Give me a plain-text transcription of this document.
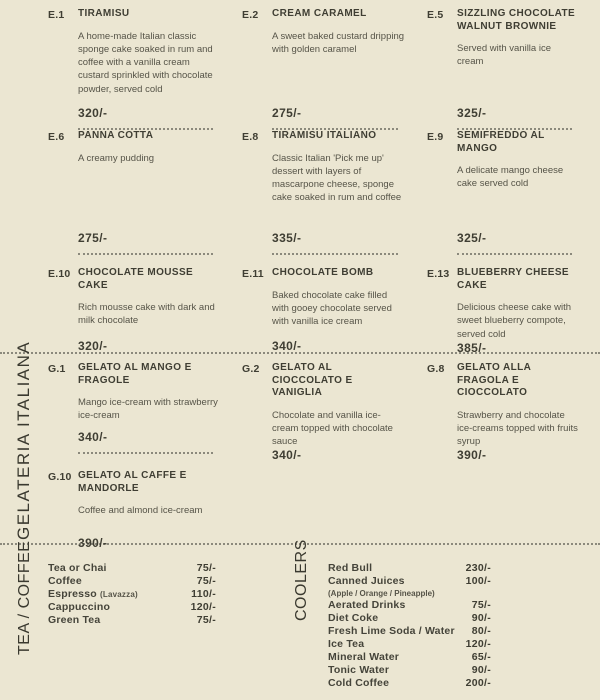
E.1	TIRAMISU
A home-made Italian classic sponge cake soaked in rum and coffee with a vanilla cream custard sprinkled with chocolate powder, served cold
320/-
E.2	CREAM CARAMEL
A sweet baked custard dripping with golden caramel
275/-
E.5	SIZZLING CHOCOLATE WALNUT BROWNIE
Served with vanilla ice cream
325/-
E.6	PANNA COTTA
A creamy pudding
275/-
E.8	TIRAMISU ITALIANO
Classic Italian 'Pick me up' dessert with layers of mascarpone cheese, sponge cake soaked in rum and coffee
335/-
E.9	SEMIFREDDO AL MANGO
A delicate mango cheese cake served cold
325/-
E.10 CHOCOLATE MOUSSE CAKE
Rich mousse cake with dark and milk chocolate
320/-
E.11 CHOCOLATE BOMB
Baked chocolate cake filled with gooey chocolate served with vanilla ice cream
340/-
E.13 BLUEBERRY CHEESE CAKE
Delicious cheese cake with sweet blueberry compote, served cold
385/-
G.1	GELATO AL MANGO E FRAGOLE
Mango ice-cream with strawberry ice-cream
340/-
G.2	GELATO AL CIOCCOLATO E VANIGLIA
Chocolate and vanilla ice-cream topped with chocolate sauce
340/-
G.8	GELATO ALLA FRAGOLA E CIOCCOLATO
Strawberry and chocolate ice-creams topped with fruits syrup
390/-
G.10 GELATO AL CAFFE E MANDORLE
Coffee and almond ice-cream
390/-
GELATERIA ITALIANA
Tea or Chai	75/-
Coffee	75/-
Espresso (Lavazza)	110/-
Cappuccino	120/-
Green Tea	75/-
Red Bull	230/-
Canned Juices	100/-
(Apple / Orange / Pineapple)
Aerated Drinks	75/-
Diet Coke	90/-
Fresh Lime Soda / Water 80/-
Ice Tea	120/-
Mineral Water	65/-
Tonic Water	90/-
Cold Coffee	200/-
TEA / COFFEE	COOLERS
